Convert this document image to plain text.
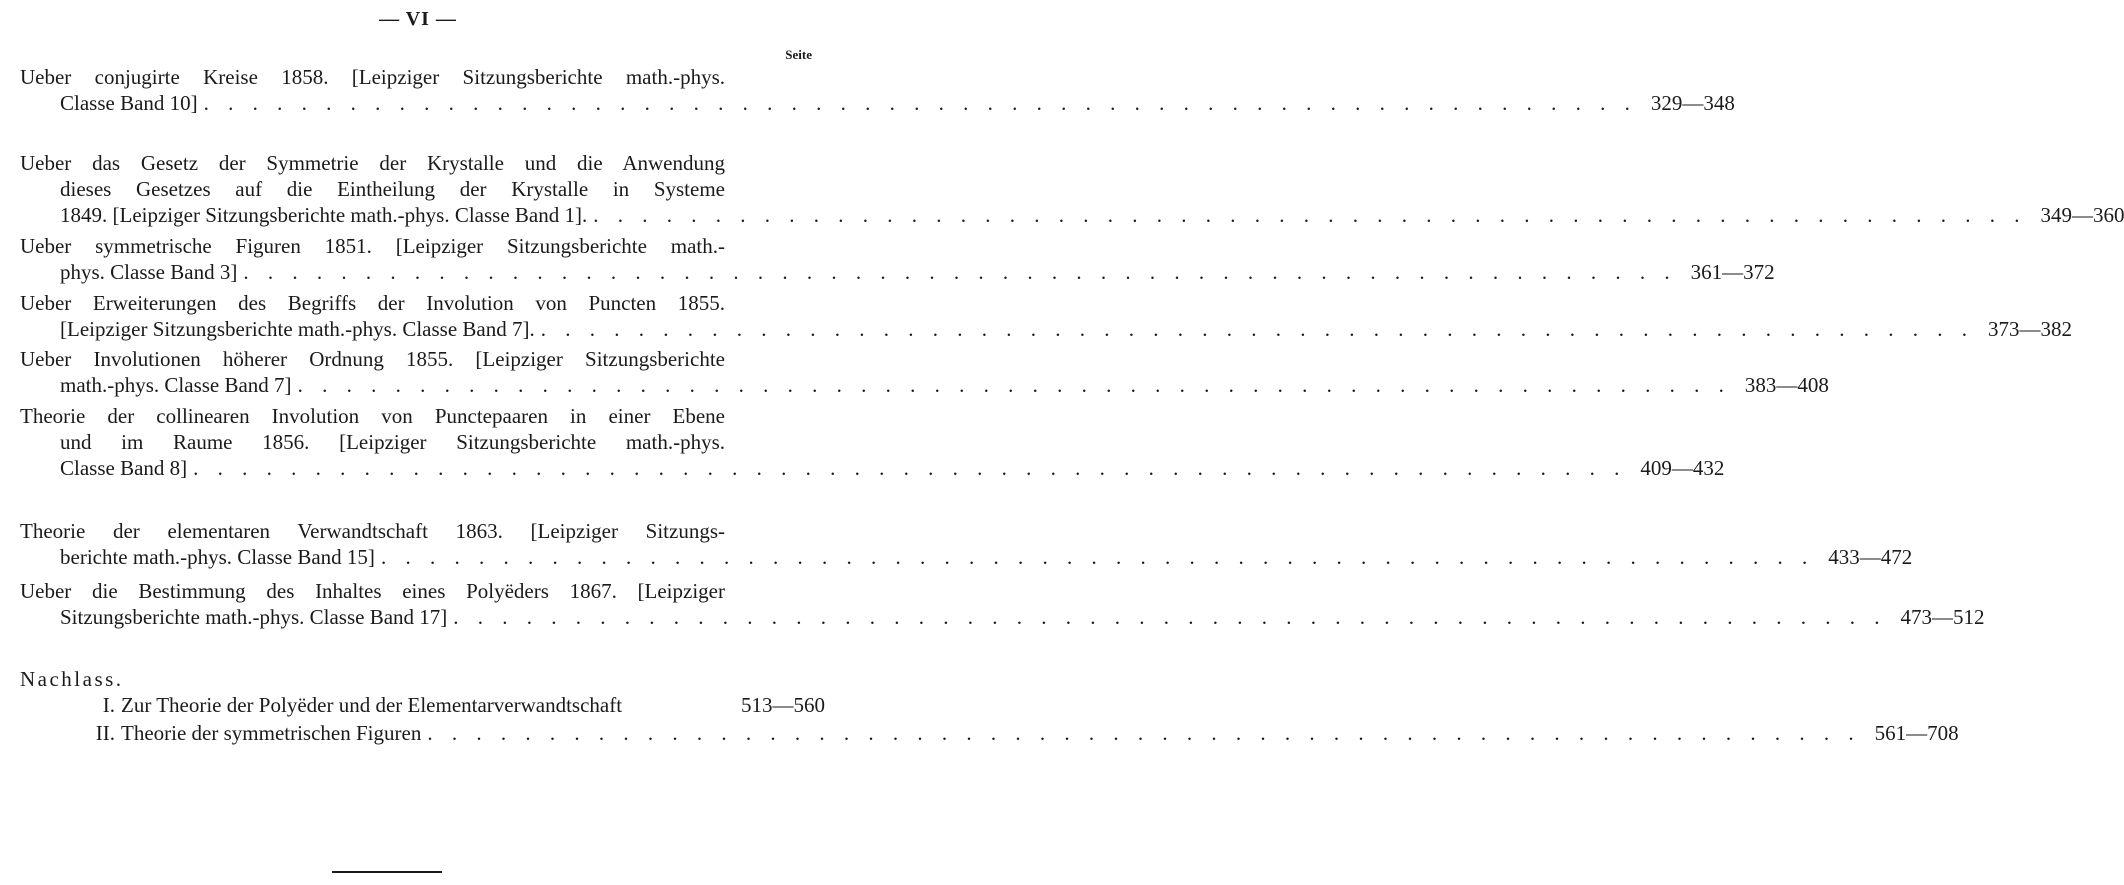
— VI —
Seite
Ueber conjugirte Kreise 1858. [Leipziger Sitzungsberichte math.-phys.
Classe Band 10] . . . . . . . . . . . . . . . . . . . . . . . . . . . . . . . . . . . . . . . . . . . . . . . . . . . . . . . . . . . 329—348
Ueber das Gesetz der Symmetrie der Krystalle und die Anwendung
dieses Gesetzes auf die Eintheilung der Krystalle in Systeme
1849. [Leipziger Sitzungsberichte math.-phys. Classe Band 1]. . . . . . . . . . . . . . . . . . . . . . . . . . . . . . . . . . . . . . . . . . . . . . . . . . . . . . . . . . . . 349—360
Ueber symmetrische Figuren 1851. [Leipziger Sitzungsberichte math.-
phys. Classe Band 3] . . . . . . . . . . . . . . . . . . . . . . . . . . . . . . . . . . . . . . . . . . . . . . . . . . . . . . . . . . . 361—372
Ueber Erweiterungen des Begriffs der Involution von Puncten 1855.
[Leipziger Sitzungsberichte math.-phys. Classe Band 7]. . . . . . . . . . . . . . . . . . . . . . . . . . . . . . . . . . . . . . . . . . . . . . . . . . . . . . . . . . . . 373—382
Ueber Involutionen höherer Ordnung 1855. [Leipziger Sitzungsberichte
math.-phys. Classe Band 7] . . . . . . . . . . . . . . . . . . . . . . . . . . . . . . . . . . . . . . . . . . . . . . . . . . . . . . . . . . . 383—408
Theorie der collinearen Involution von Punctepaaren in einer Ebene
und im Raume 1856. [Leipziger Sitzungsberichte math.-phys.
Classe Band 8] . . . . . . . . . . . . . . . . . . . . . . . . . . . . . . . . . . . . . . . . . . . . . . . . . . . . . . . . . . . 409—432
Theorie der elementaren Verwandtschaft 1863. [Leipziger Sitzungs-
berichte math.-phys. Classe Band 15] . . . . . . . . . . . . . . . . . . . . . . . . . . . . . . . . . . . . . . . . . . . . . . . . . . . . . . . . . . . 433—472
Ueber die Bestimmung des Inhaltes eines Polyëders 1867. [Leipziger
Sitzungsberichte math.-phys. Classe Band 17] . . . . . . . . . . . . . . . . . . . . . . . . . . . . . . . . . . . . . . . . . . . . . . . . . . . . . . . . . . . 473—512
Nachlass.
I. Zur Theorie der Polyëder und der Elementarverwandtschaft	513—560
II. Theorie der symmetrischen Figuren . . . . . . . . . . . . . . . . . . . . . . . . . . . . . . . . . . . . . . . . . . . . . . . . . . . . . . . . . . . 561—708
